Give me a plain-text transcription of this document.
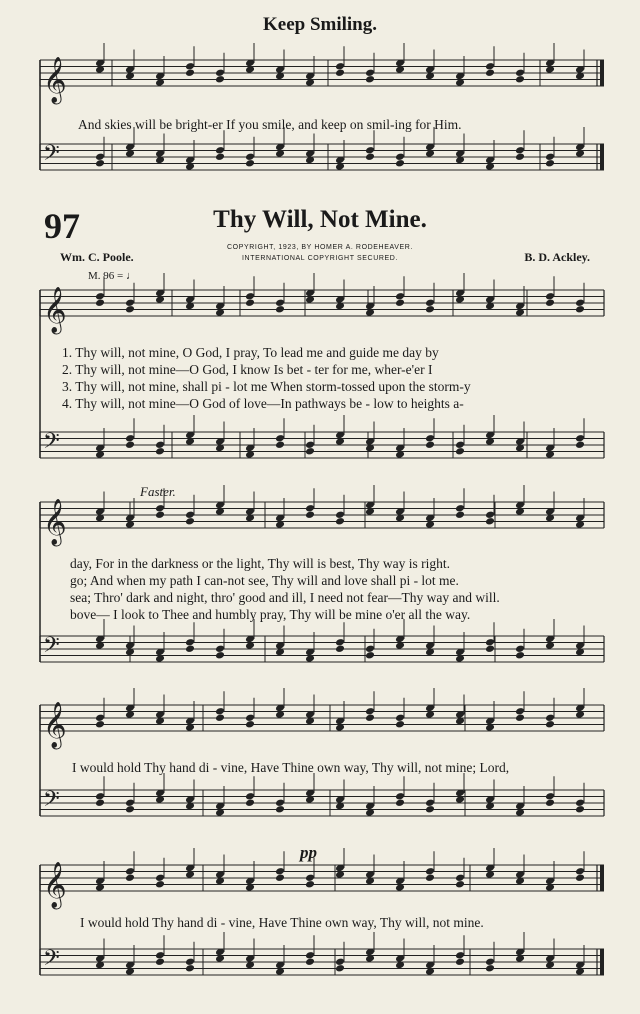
Keep Smiling.
97	Thy Will, Not Mine.
COPYRIGHT, 1923, BY HOMER A. RODEHEAVER.
INTERNATIONAL COPYRIGHT SECURED.
Wm. C. Poole.	B. D. Ackley.
M. 96 = ♩
And skies will be bright-er If you smile, and keep on smil-ing for Him.
1. Thy will, not mine, O God, I pray, To lead me and guide me day by
2. Thy will, not mine—O God, I know Is bet - ter for me, wher-e'er I
3. Thy will, not mine, shall pi - lot me When storm-tossed upon the storm-y
4. Thy will, not mine—O God of love—In pathways be - low to heights a-
Faster.
day, For in the darkness or the light, Thy will is best, Thy way is right.
go; And when my path I can-not see, Thy will and love shall pi - lot me.
sea; Thro' dark and night, thro' good and ill, I need not fear—Thy way and will.
bove— I look to Thee and humbly pray, Thy will be mine o'er all the way.
I would hold Thy hand di - vine, Have Thine own way, Thy will, not mine; Lord,
pp
I would hold Thy hand di - vine, Have Thine own way, Thy will, not mine.
𝄞
𝄢
𝄞
𝄢
𝄞
𝄢
𝄞
𝄢
𝄞
𝄢
